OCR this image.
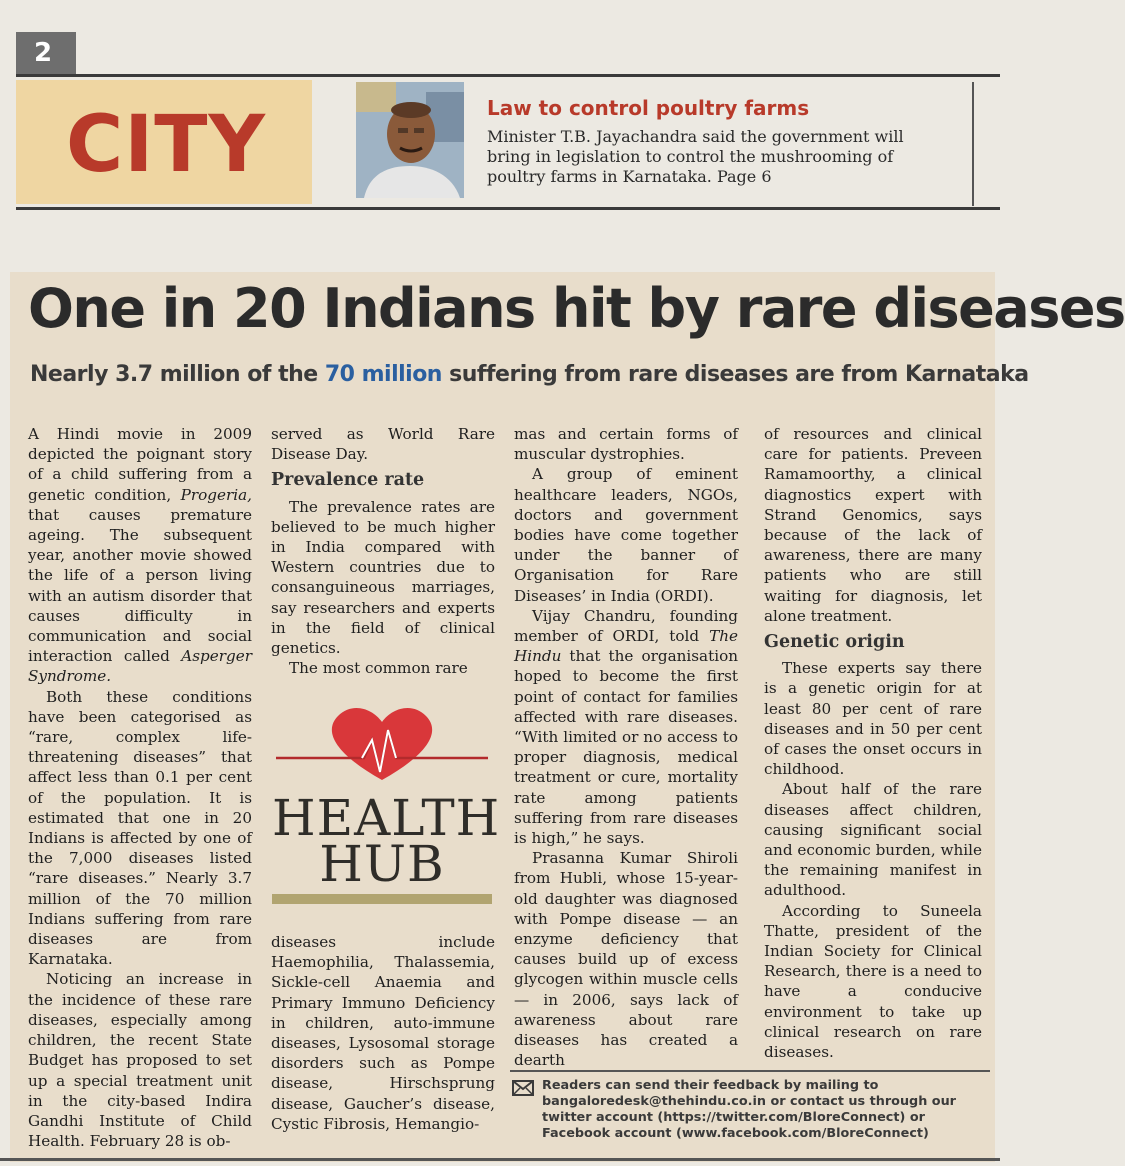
2
CITY	Law to control poultry farms
Minister T.B. Jayachandra said the government will bring in legislation to control the mushrooming of poultry farms in Karnataka. Page 6
One in 20 Indians hit by rare diseases
Nearly 3.7 million of the 70 million suffering from rare diseases are from Karnataka

A Hindi movie in 2009 depicted the poignant story of a child suffering from a genetic condition, Progeria, that causes premature ageing. The subsequent year, another movie showed the life of a person living with an autism disorder that causes difficulty in communication and social interaction called Asperger Syndrome.

Both these conditions have been categorised as “rare, complex life-threatening diseases” that affect less than 0.1 per cent of the population. It is estimated that one in 20 Indians is affected by one of the 7,000 diseases listed “rare diseases.” Nearly 3.7 million of the 70 million Indians suffering from rare diseases are from Karnataka.

Noticing an increase in the incidence of these rare diseases, especially among children, the recent State Budget has proposed to set up a special treatment unit in the city-based Indira Gandhi Institute of Child Health. February 28 is ob-

served as World Rare Disease Day.

Prevalence rate

The prevalence rates are believed to be much higher in India compared with Western countries due to consanguineous marriages, say researchers and experts in the field of clinical genetics.

The most common rare

diseases include Haemophilia, Thalassemia, Sickle-cell Anaemia and Primary Immuno Deficiency in children, auto-immune diseases, Lysosomal storage disorders such as Pompe disease, Hirschsprung disease, Gaucher’s disease, Cystic Fibrosis, Hemangio-

HEALTH
HUB

mas and certain forms of muscular dystrophies.

A group of eminent healthcare leaders, NGOs, doctors and government bodies have come together under the banner of Organisation for Rare Diseases’ in India (ORDI).

Vijay Chandru, founding member of ORDI, told The Hindu that the organisation hoped to become the first point of contact for families affected with rare diseases. “With limited or no access to proper diagnosis, medical treatment or cure, mortality rate among patients suffering from rare diseases is high,” he says.

Prasanna Kumar Shiroli from Hubli, whose 15-year-old daughter was diagnosed with Pompe disease — an enzyme deficiency that causes build up of excess glycogen within muscle cells — in 2006, says lack of awareness about rare diseases has created a dearth

of resources and clinical care for patients. Preveen Ramamoorthy, a clinical diagnostics expert with Strand Genomics, says because of the lack of awareness, there are many patients who are still waiting for diagnosis, let alone treatment.

Genetic origin

These experts say there is a genetic origin for at least 80 per cent of rare diseases and in 50 per cent of cases the onset occurs in childhood.

About half of the rare diseases affect children, causing significant social and economic burden, while the remaining manifest in adulthood.

According to Suneela Thatte, president of the Indian Society for Clinical Research, there is a need to have a conducive environment to take up clinical research on rare diseases.

Readers can send their feedback by mailing to bangaloredesk@thehindu.co.in or contact us through our twitter account (https://twitter.com/BloreConnect) or Facebook account (www.facebook.com/BloreConnect)
